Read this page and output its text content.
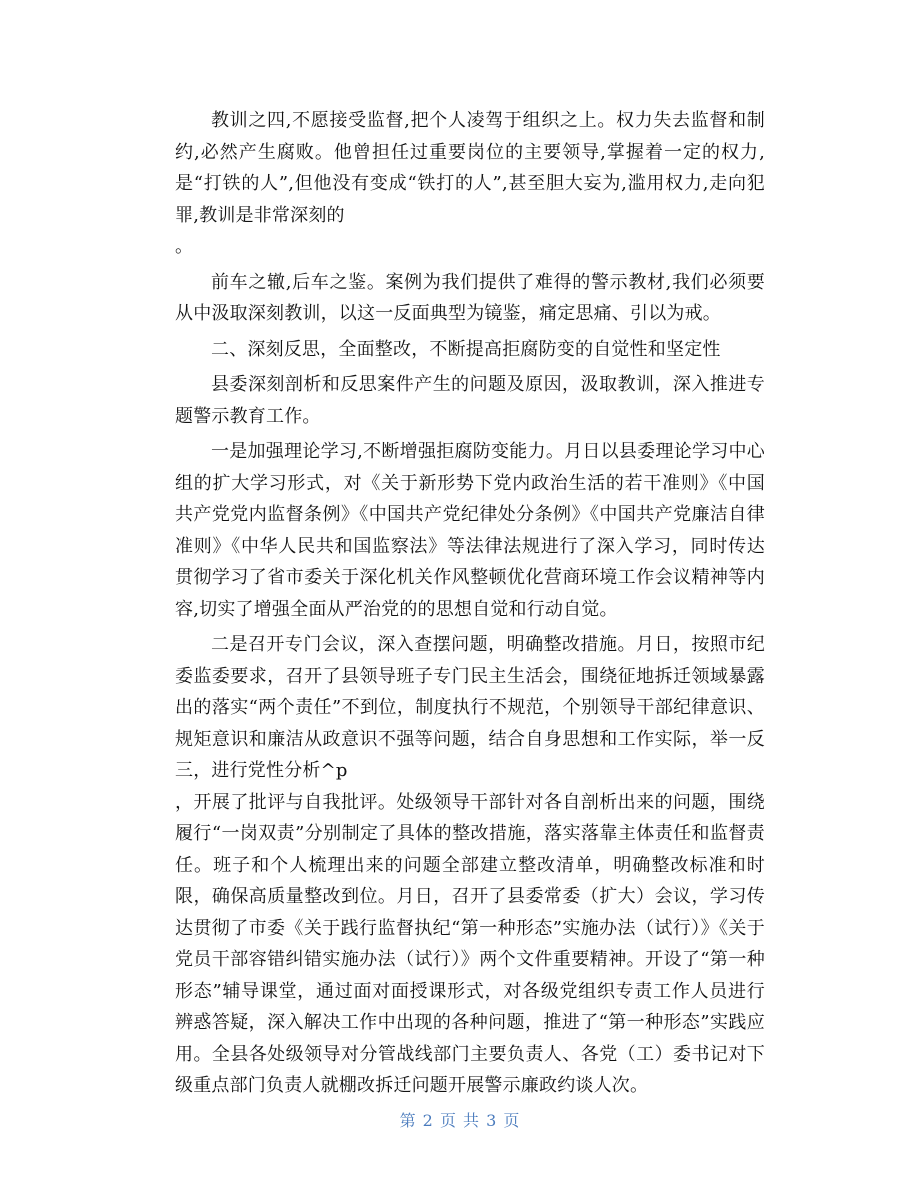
教训之四,不愿接受监督,把个人凌驾于组织之上。权力失去监督和制约,必然产生腐败。他曾担任过重要岗位的主要领导,掌握着一定的权力,是“打铁的人”,但他没有变成“铁打的人”,甚至胆大妄为,滥用权力,走向犯罪,教训是非常深刻的
。

前车之辙,后车之鉴。案例为我们提供了难得的警示教材,我们必须要从中汲取深刻教训，以这一反面典型为镜鉴，痛定思痛、引以为戒。

二、深刻反思，全面整改，不断提高拒腐防变的自觉性和坚定性

县委深刻剖析和反思案件产生的问题及原因，汲取教训，深入推进专题警示教育工作。

一是加强理论学习,不断增强拒腐防变能力。月日以县委理论学习中心组的扩大学习形式，对《关于新形势下党内政治生活的若干准则》《中国共产党党内监督条例》《中国共产党纪律处分条例》《中国共产党廉洁自律准则》《中华人民共和国监察法》等法律法规进行了深入学习，同时传达贯彻学习了省市委关于深化机关作风整顿优化营商环境工作会议精神等内容,切实了增强全面从严治党的的思想自觉和行动自觉。

二是召开专门会议，深入查摆问题，明确整改措施。月日，按照市纪委监委要求，召开了县领导班子专门民主生活会，围绕征地拆迁领域暴露出的落实“两个责任”不到位，制度执行不规范，个别领导干部纪律意识、规矩意识和廉洁从政意识不强等问题，结合自身思想和工作实际，举一反三，进行党性分析^p
，开展了批评与自我批评。处级领导干部针对各自剖析出来的问题，围绕履行“一岗双责”分别制定了具体的整改措施，落实落靠主体责任和监督责任。班子和个人梳理出来的问题全部建立整改清单，明确整改标准和时限，确保高质量整改到位。月日，召开了县委常委（扩大）会议，学习传达贯彻了市委《关于践行监督执纪“第一种形态”实施办法（试行）》《关于党员干部容错纠错实施办法（试行）》两个文件重要精神。开设了“第一种形态”辅导课堂，通过面对面授课形式，对各级党组织专责工作人员进行辨惑答疑，深入解决工作中出现的各种问题，推进了“第一种形态”实践应用。全县各处级领导对分管战线部门主要负责人、各党（工）委书记对下级重点部门负责人就棚改拆迁问题开展警示廉政约谈人次。

第 2 页 共 3 页
